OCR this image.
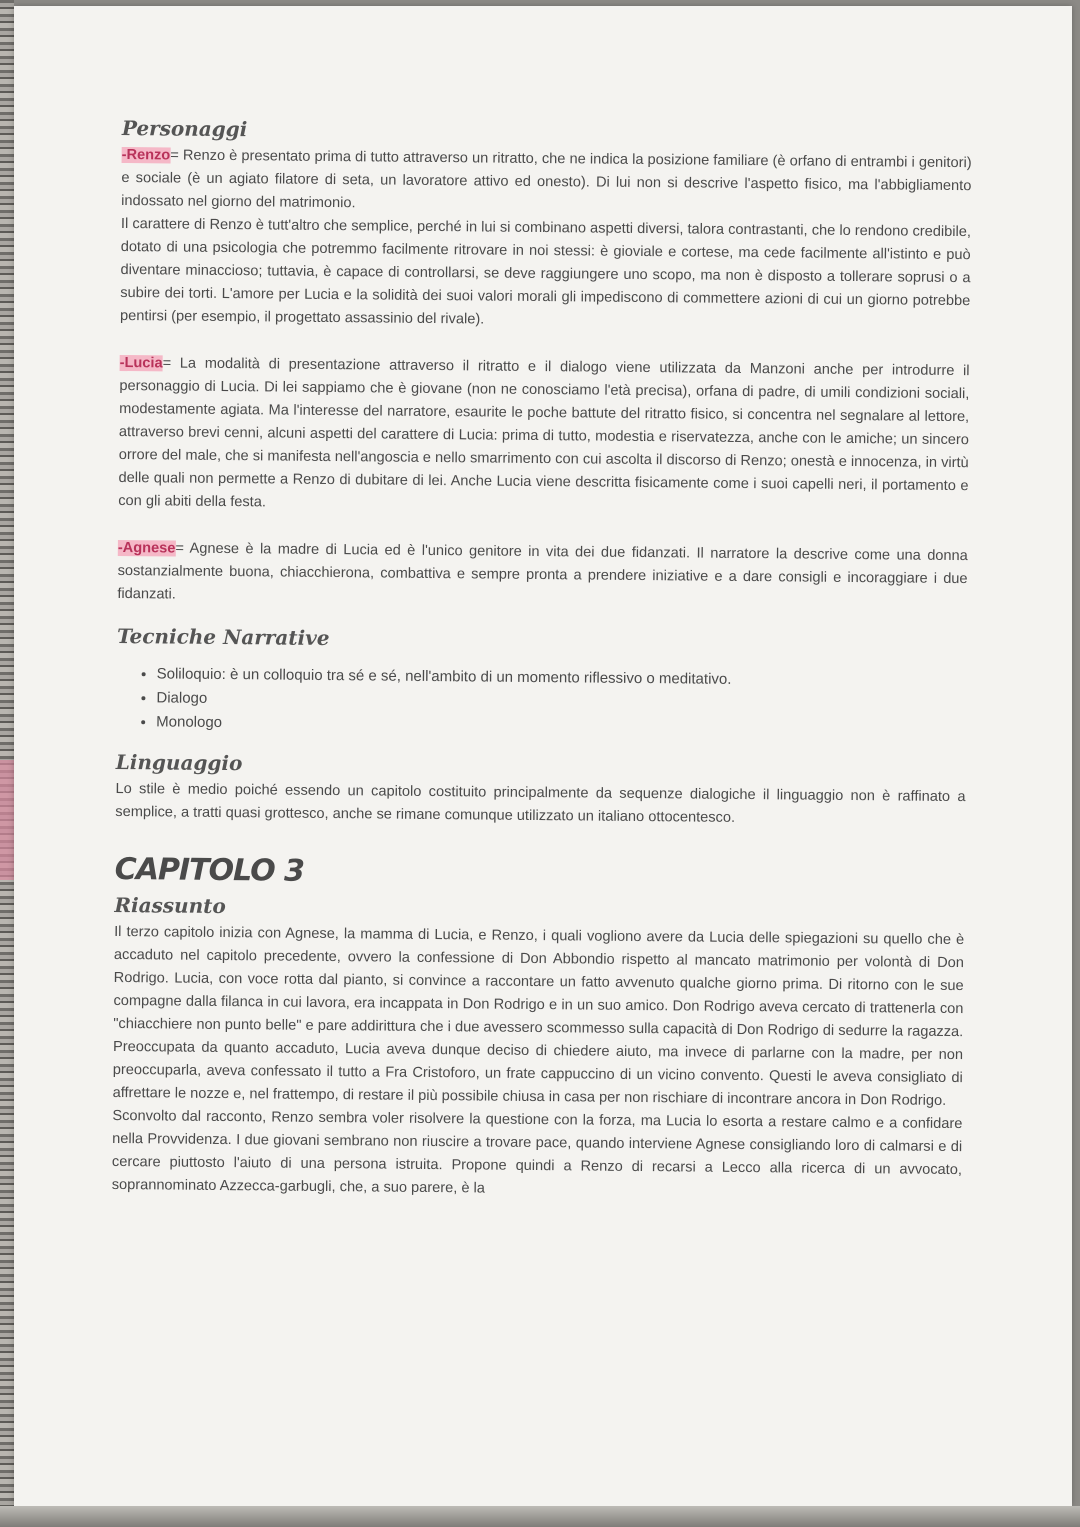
Personaggi

-Renzo= Renzo è presentato prima di tutto attraverso un ritratto, che ne indica la posizione familiare (è orfano di entrambi i genitori) e sociale (è un agiato filatore di seta, un lavoratore attivo ed onesto). Di lui non si descrive l'aspetto fisico, ma l'abbigliamento indossato nel giorno del matrimonio.

Il carattere di Renzo è tutt'altro che semplice, perché in lui si combinano aspetti diversi, talora contrastanti, che lo rendono credibile, dotato di una psicologia che potremmo facilmente ritrovare in noi stessi: è gioviale e cortese, ma cede facilmente all'istinto e può diventare minaccioso; tuttavia, è capace di controllarsi, se deve raggiungere uno scopo, ma non è disposto a tollerare soprusi o a subire dei torti. L'amore per Lucia e la solidità dei suoi valori morali gli impediscono di commettere azioni di cui un giorno potrebbe pentirsi (per esempio, il progettato assassinio del rivale).

-Lucia= La modalità di presentazione attraverso il ritratto e il dialogo viene utilizzata da Manzoni anche per introdurre il personaggio di Lucia. Di lei sappiamo che è giovane (non ne conosciamo l'età precisa), orfana di padre, di umili condizioni sociali, modestamente agiata. Ma l'interesse del narratore, esaurite le poche battute del ritratto fisico, si concentra nel segnalare al lettore, attraverso brevi cenni, alcuni aspetti del carattere di Lucia: prima di tutto, modestia e riservatezza, anche con le amiche; un sincero orrore del male, che si manifesta nell'angoscia e nello smarrimento con cui ascolta il discorso di Renzo; onestà e innocenza, in virtù delle quali non permette a Renzo di dubitare di lei. Anche Lucia viene descritta fisicamente come i suoi capelli neri, il portamento e con gli abiti della festa.

-Agnese= Agnese è la madre di Lucia ed è l'unico genitore in vita dei due fidanzati. Il narratore la descrive come una donna sostanzialmente buona, chiacchierona, combattiva e sempre pronta a prendere iniziative e a dare consigli e incoraggiare i due fidanzati.

Tecniche Narrative
• Soliloquio: è un colloquio tra sé e sé, nell'ambito di un momento riflessivo o meditativo.
• Dialogo
• Monologo
Linguaggio

Lo stile è medio poiché essendo un capitolo costituito principalmente da sequenze dialogiche il linguaggio non è raffinato a semplice, a tratti quasi grottesco, anche se rimane comunque utilizzato un italiano ottocentesco.

CAPITOLO 3
Riassunto

Il terzo capitolo inizia con Agnese, la mamma di Lucia, e Renzo, i quali vogliono avere da Lucia delle spiegazioni su quello che è accaduto nel capitolo precedente, ovvero la confessione di Don Abbondio rispetto al mancato matrimonio per volontà di Don Rodrigo. Lucia, con voce rotta dal pianto, si convince a raccontare un fatto avvenuto qualche giorno prima. Di ritorno con le sue compagne dalla filanca in cui lavora, era incappata in Don Rodrigo e in un suo amico. Don Rodrigo aveva cercato di trattenerla con "chiacchiere non punto belle" e pare addirittura che i due avessero scommesso sulla capacità di Don Rodrigo di sedurre la ragazza. Preoccupata da quanto accaduto, Lucia aveva dunque deciso di chiedere aiuto, ma invece di parlarne con la madre, per non preoccuparla, aveva confessato il tutto a Fra Cristoforo, un frate cappuccino di un vicino convento. Questi le aveva consigliato di affrettare le nozze e, nel frattempo, di restare il più possibile chiusa in casa per non rischiare di incontrare ancora in Don Rodrigo.

Sconvolto dal racconto, Renzo sembra voler risolvere la questione con la forza, ma Lucia lo esorta a restare calmo e a confidare nella Provvidenza. I due giovani sembrano non riuscire a trovare pace, quando interviene Agnese consigliando loro di calmarsi e di cercare piuttosto l'aiuto di una persona istruita. Propone quindi a Renzo di recarsi a Lecco alla ricerca di un avvocato, soprannominato Azzecca-garbugli, che, a suo parere, è la
